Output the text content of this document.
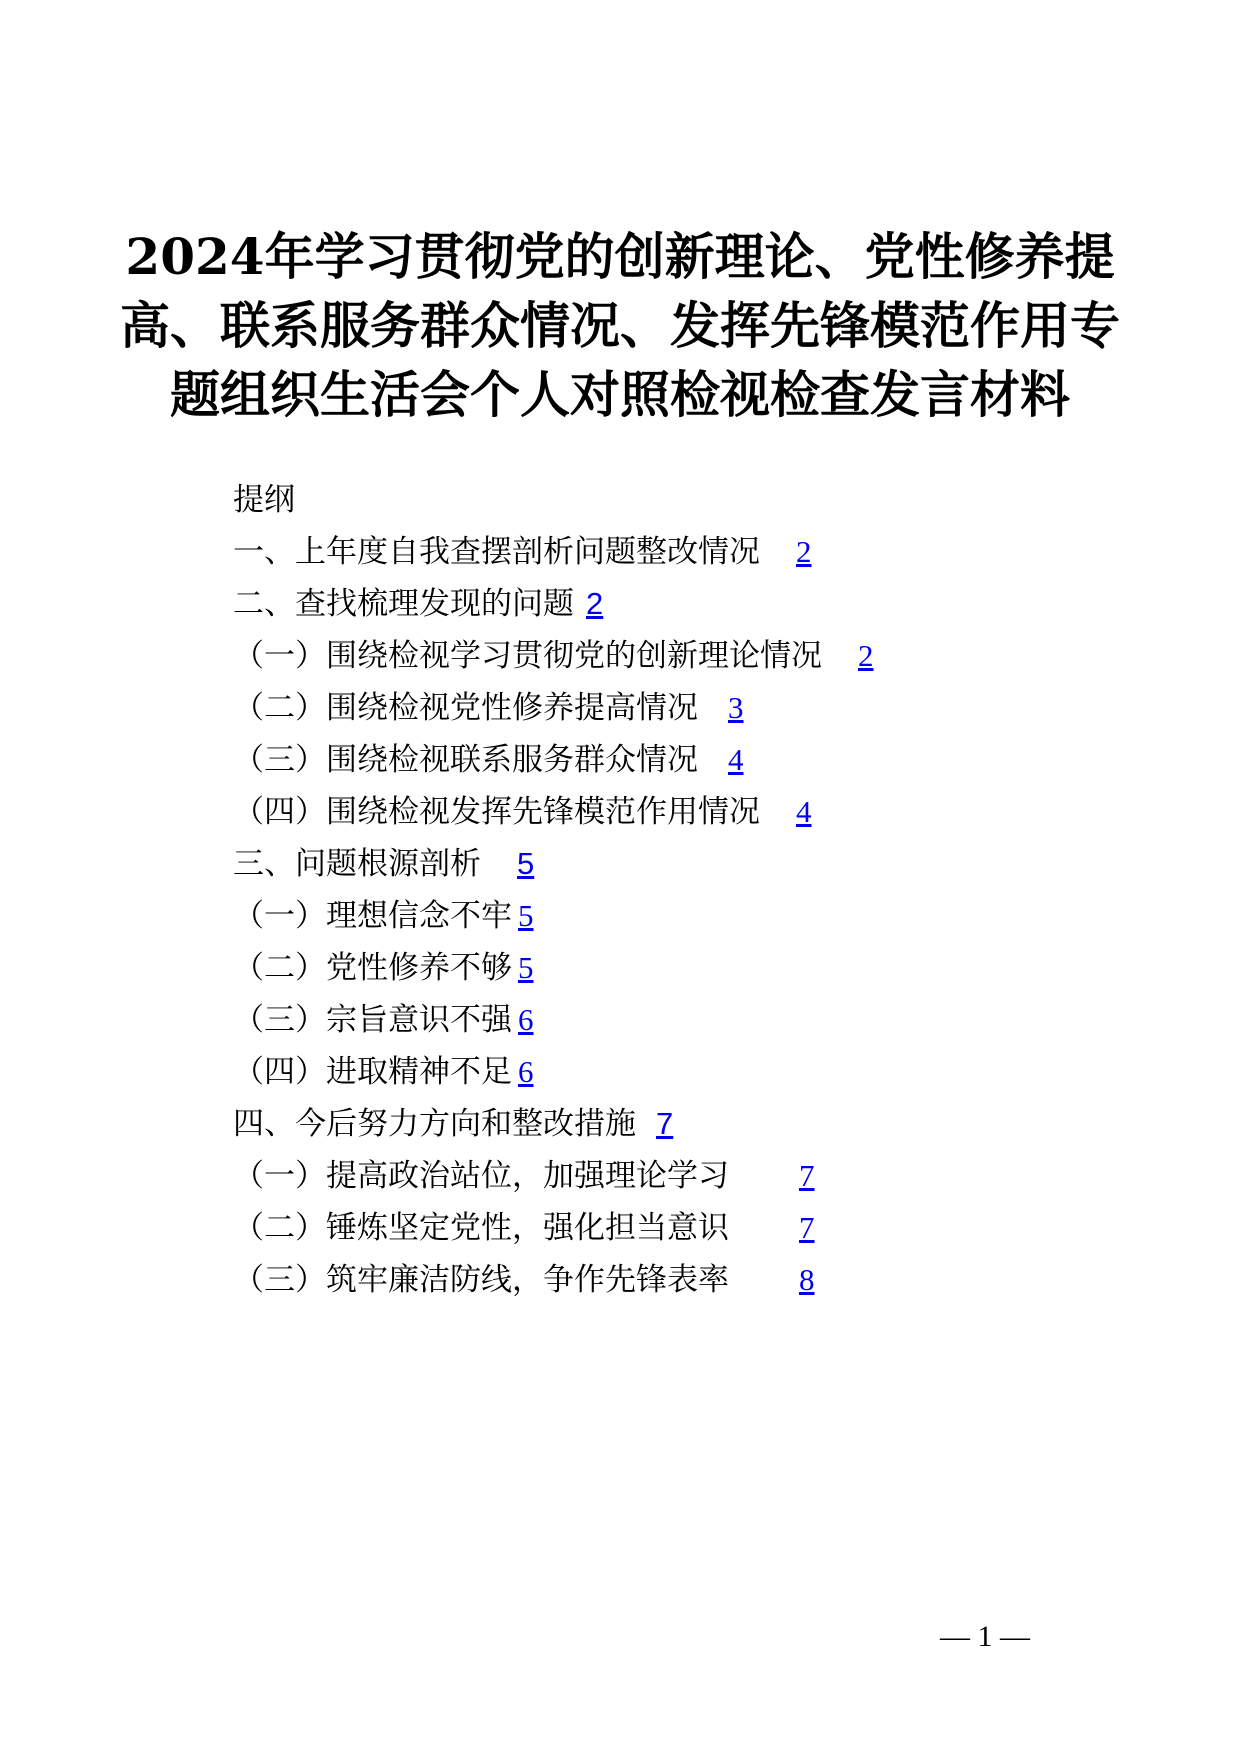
2024年学习贯彻党的创新理论、党性修养提
高、联系服务群众情况、发挥先锋模范作用专
题组织生活会个人对照检视检查发言材料
提纲
一、上年度自我查摆剖析问题整改情况 2
二、查找梳理发现的问题 2
（一）围绕检视学习贯彻党的创新理论情况 2
（二）围绕检视党性修养提高情况 3
（三）围绕检视联系服务群众情况 4
（四）围绕检视发挥先锋模范作用情况 4
三、问题根源剖析 5
（一）理想信念不牢 5
（二）党性修养不够 5
（三）宗旨意识不强 6
（四）进取精神不足 6
四、今后努力方向和整改措施 7
（一）提高政治站位，加强理论学习 7
（二）锤炼坚定党性，强化担当意识 7
（三）筑牢廉洁防线，争作先锋表率 8
— 1 —
